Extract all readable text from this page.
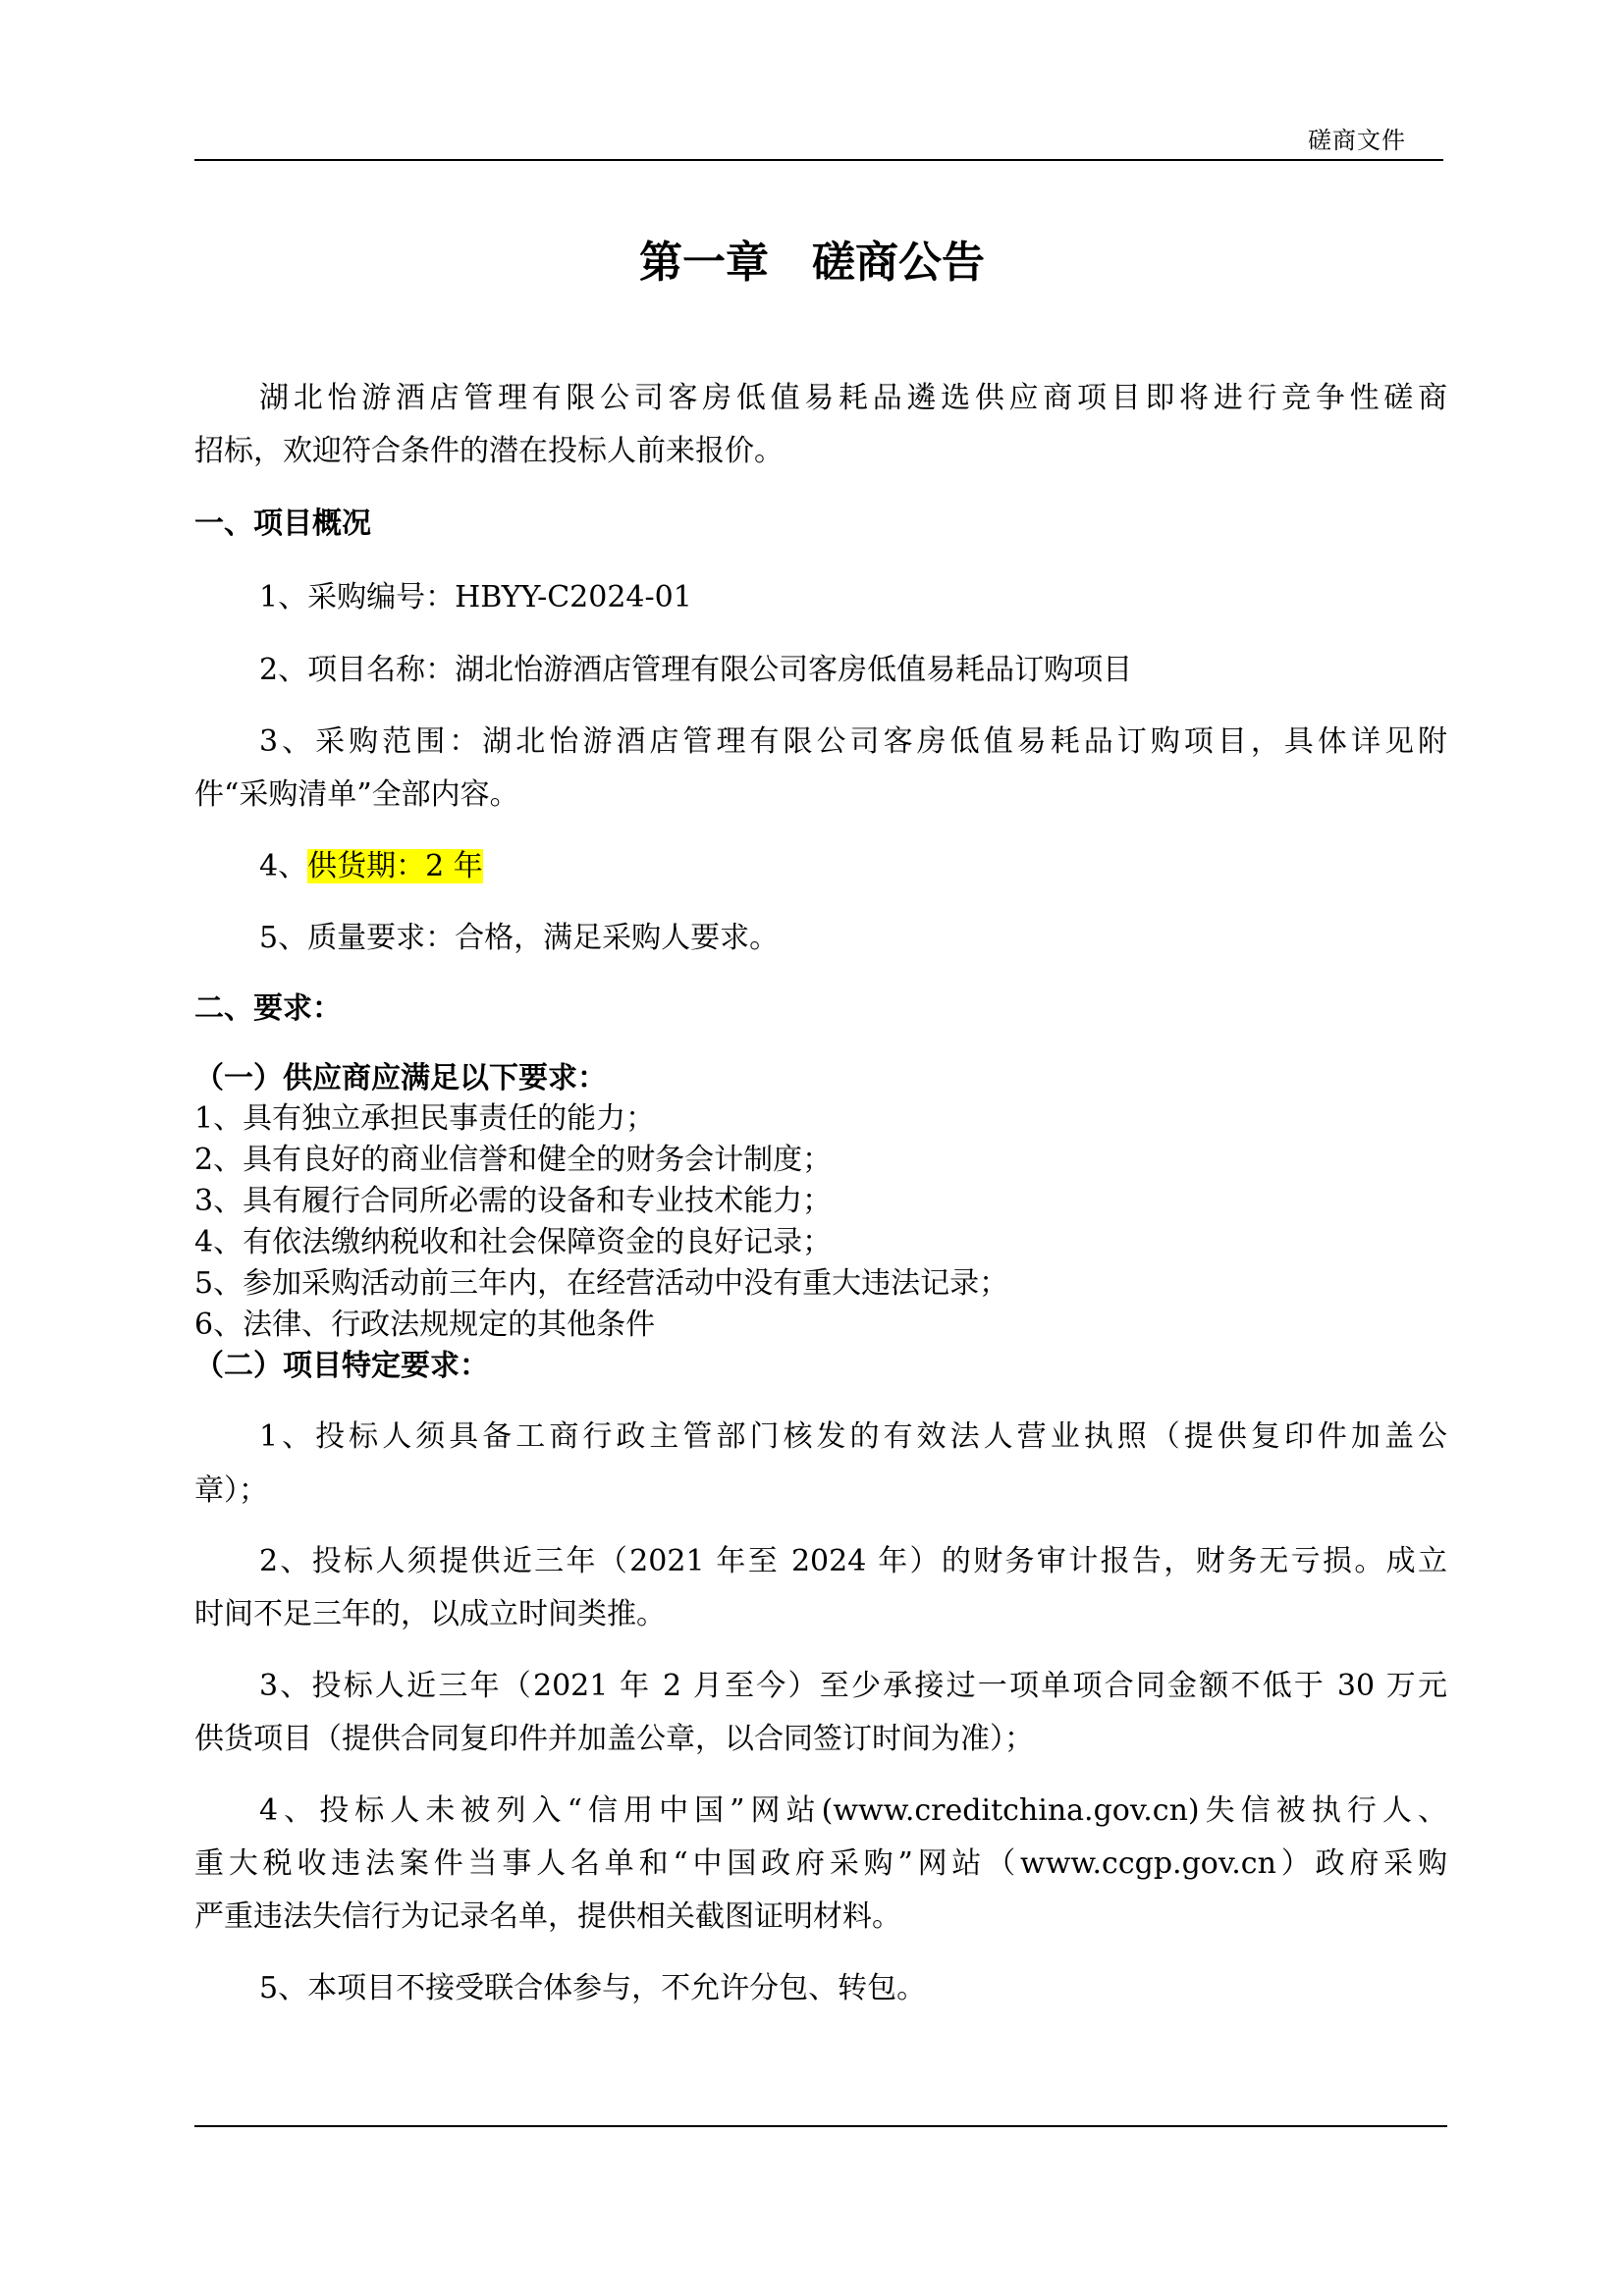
磋商文件
第一章　磋商公告
湖北怡游酒店管理有限公司客房低值易耗品遴选供应商项目即将进行竞争性磋商
招标，欢迎符合条件的潜在投标人前来报价。
一、项目概况
1、采购编号：HBYY-C2024-01
2、项目名称：湖北怡游酒店管理有限公司客房低值易耗品订购项目
3、采购范围：湖北怡游酒店管理有限公司客房低值易耗品订购项目，具体详见附
件“采购清单”全部内容。
4、供货期：2 年
5、质量要求：合格，满足采购人要求。
二、要求：
（一）供应商应满足以下要求：
1、具有独立承担民事责任的能力；
2、具有良好的商业信誉和健全的财务会计制度；
3、具有履行合同所必需的设备和专业技术能力；
4、有依法缴纳税收和社会保障资金的良好记录；
5、参加采购活动前三年内，在经营活动中没有重大违法记录；
6、法律、行政法规规定的其他条件
（二）项目特定要求：
1、投标人须具备工商行政主管部门核发的有效法人营业执照（提供复印件加盖公
章）；
2、投标人须提供近三年（2021 年至 2024 年）的财务审计报告，财务无亏损。成立
时间不足三年的，以成立时间类推。
3、投标人近三年（2021 年 2 月至今）至少承接过一项单项合同金额不低于 30 万元
供货项目（提供合同复印件并加盖公章，以合同签订时间为准）；
4、投标人未被列入“信用中国”网站(www.creditchina.gov.cn)失信被执行人、
重大税收违法案件当事人名单和“中国政府采购”网站（www.ccgp.gov.cn）政府采购
严重违法失信行为记录名单，提供相关截图证明材料。
5、本项目不接受联合体参与，不允许分包、转包。
